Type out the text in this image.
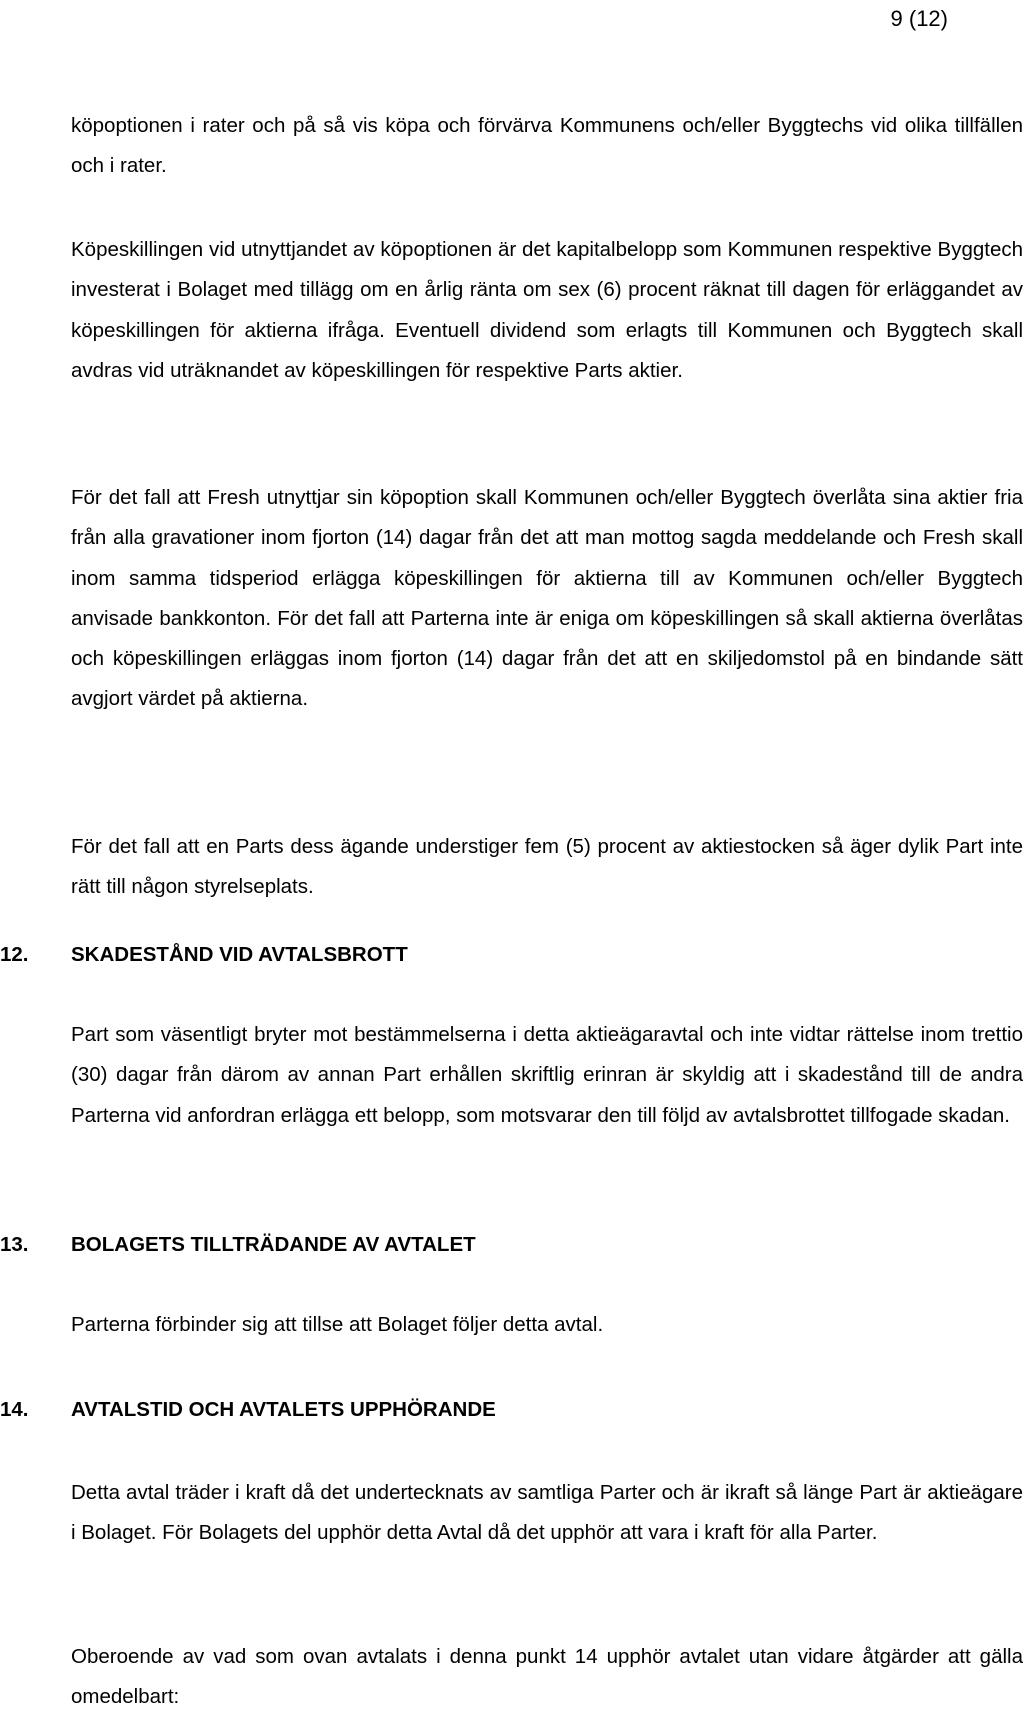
9 (12)

köpoptionen i rater och på så vis köpa och förvärva Kommunens och/eller Byggtechs vid olika tillfällen och i rater.

Köpeskillingen vid utnyttjandet av köpoptionen är det kapitalbelopp som Kommunen respektive Byggtech investerat i Bolaget med tillägg om en årlig ränta om sex (6) procent räknat till dagen för erläggandet av köpeskillingen för aktierna ifråga. Eventuell dividend som erlagts till Kommunen och Byggtech skall avdras vid uträknandet av köpeskillingen för respektive Parts aktier.

För det fall att Fresh utnyttjar sin köpoption skall Kommunen och/eller Byggtech överlåta sina aktier fria från alla gravationer inom fjorton (14) dagar från det att man mottog sagda meddelande och Fresh skall inom samma tidsperiod erlägga köpeskillingen för aktierna till av Kommunen och/eller Byggtech anvisade bankkonton. För det fall att Parterna inte är eniga om köpeskillingen så skall aktierna överlåtas och köpeskillingen erläggas inom fjorton (14) dagar från det att en skiljedomstol på en bindande sätt avgjort värdet på aktierna.

För det fall att en Parts dess ägande understiger fem (5) procent av aktiestocken så äger dylik Part inte rätt till någon styrelseplats.

12. SKADESTÅND VID AVTALSBROTT

Part som väsentligt bryter mot bestämmelserna i detta aktieägaravtal och inte vidtar rättelse inom trettio (30) dagar från därom av annan Part erhållen skriftlig erinran är skyldig att i skadestånd till de andra Parterna vid anfordran erlägga ett belopp, som motsvarar den till följd av avtalsbrottet tillfogade skadan.

13. BOLAGETS TILLTRÄDANDE AV AVTALET

Parterna förbinder sig att tillse att Bolaget följer detta avtal.

14. AVTALSTID OCH AVTALETS UPPHÖRANDE

Detta avtal träder i kraft då det undertecknats av samtliga Parter och är ikraft så länge Part är aktieägare i Bolaget. För Bolagets del upphör detta Avtal då det upphör att vara i kraft för alla Parter.

Oberoende av vad som ovan avtalats i denna punkt 14 upphör avtalet utan vidare åtgärder att gälla omedelbart:
